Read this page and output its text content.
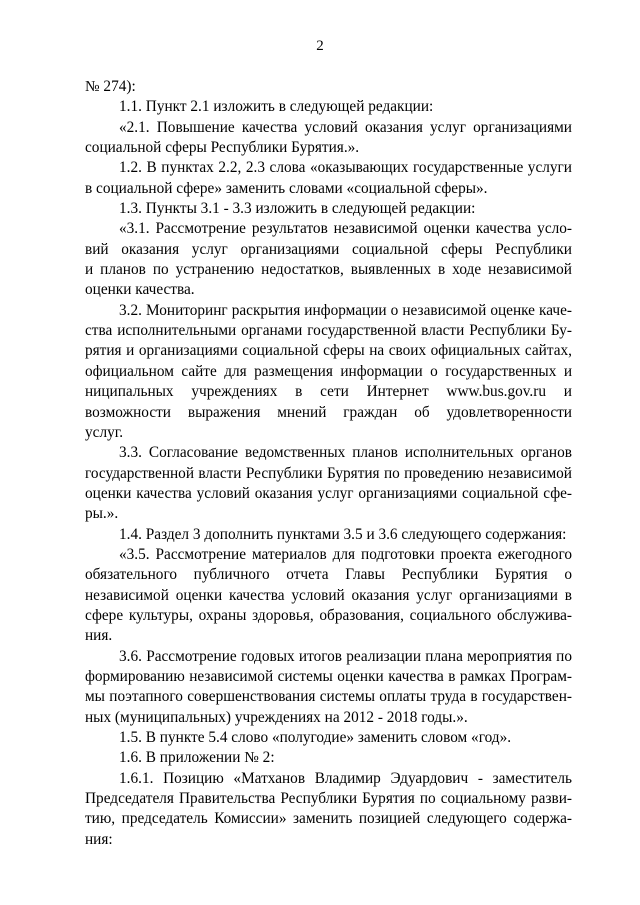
2
№ 274):
1.1. Пункт 2.1 изложить в следующей редакции:
«2.1. Повышение качества условий оказания услуг организациями
социальной сферы Республики Бурятия.».
1.2. В пунктах 2.2, 2.3 слова «оказывающих государственные услуги
в социальной сфере» заменить словами «социальной сферы».
1.3. Пункты 3.1 - 3.3 изложить в следующей редакции:
«3.1. Рассмотрение результатов независимой оценки качества усло-
вий оказания услуг организациями социальной сферы Республики
и планов по устранению недостатков, выявленных в ходе независимой
оценки качества.
3.2. Мониторинг раскрытия информации о независимой оценке каче-
ства исполнительными органами государственной власти Республики Бу-
рятия и организациями социальной сферы на своих официальных сайтах,
официальном сайте для размещения информации о государственных и
ниципальных учреждениях в сети Интернет www.bus.gov.ru и
возможности выражения мнений граждан об удовлетворенности
услуг.
3.3. Согласование ведомственных планов исполнительных органов
государственной власти Республики Бурятия по проведению независимой
оценки качества условий оказания услуг организациями социальной сфе-
ры.».
1.4. Раздел 3 дополнить пунктами 3.5 и 3.6 следующего содержания:
«3.5. Рассмотрение материалов для подготовки проекта ежегодного
обязательного публичного отчета Главы Республики Бурятия о
независимой оценки качества условий оказания услуг организациями в
сфере культуры, охраны здоровья, образования, социального обслужива-
ния.
3.6. Рассмотрение годовых итогов реализации плана мероприятия по
формированию независимой системы оценки качества в рамках Програм-
мы поэтапного совершенствования системы оплаты труда в государствен-
ных (муниципальных) учреждениях на 2012 - 2018 годы.».
1.5. В пункте 5.4 слово «полугодие» заменить словом «год».
1.6. В приложении № 2:
1.6.1. Позицию «Матханов Владимир Эдуардович - заместитель
Председателя Правительства Республики Бурятия по социальному разви-
тию, председатель Комиссии» заменить позицией следующего содержа-
ния:
